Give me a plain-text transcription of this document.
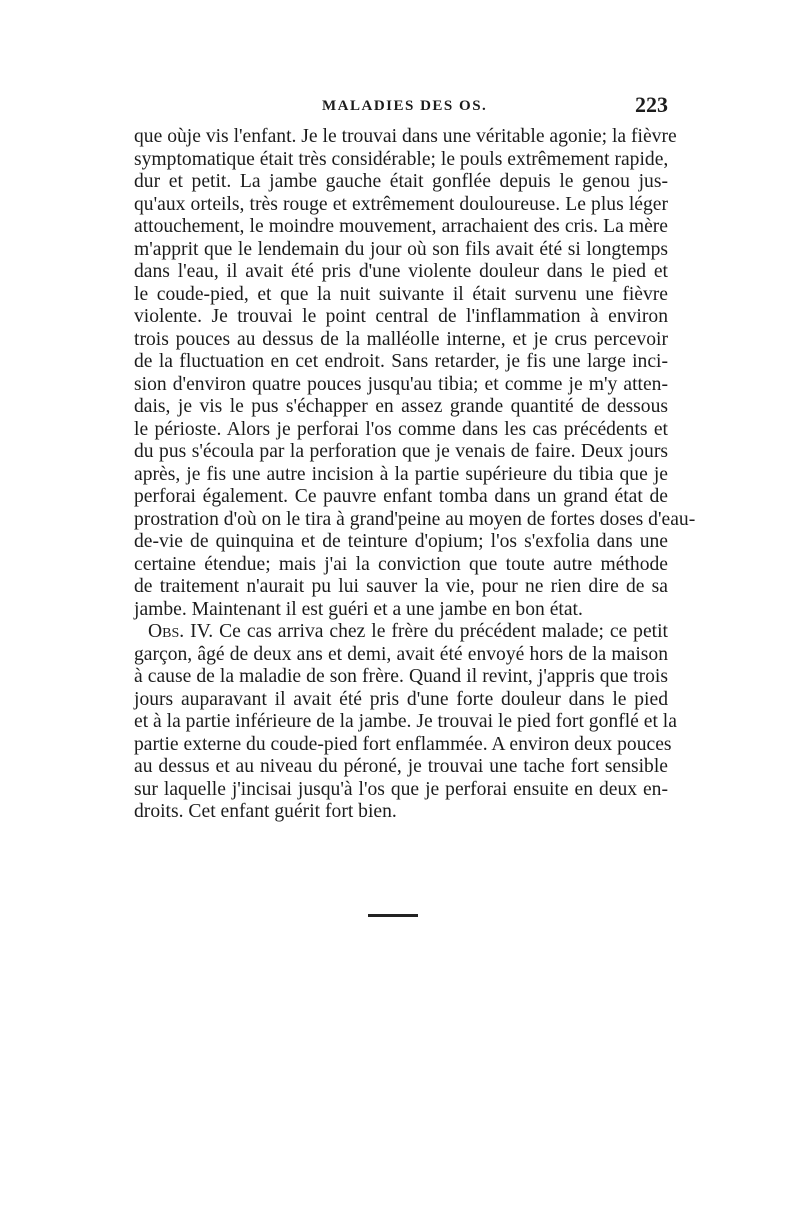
MALADIES DES OS.	223
que oùje vis l'enfant. Je le trouvai dans une véritable agonie; la fièvre
symptomatique était très considérable; le pouls extrêmement rapide,
dur et petit. La jambe gauche était gonflée depuis le genou jus-
qu'aux orteils, très rouge et extrêmement douloureuse. Le plus léger
attouchement, le moindre mouvement, arrachaient des cris. La mère
m'apprit que le lendemain du jour où son fils avait été si longtemps
dans l'eau, il avait été pris d'une violente douleur dans le pied et
le coude-pied, et que la nuit suivante il était survenu une fièvre
violente. Je trouvai le point central de l'inflammation à environ
trois pouces au dessus de la malléolle interne, et je crus percevoir
de la fluctuation en cet endroit. Sans retarder, je fis une large inci-
sion d'environ quatre pouces jusqu'au tibia; et comme je m'y atten-
dais, je vis le pus s'échapper en assez grande quantité de dessous
le périoste. Alors je perforai l'os comme dans les cas précédents et
du pus s'écoula par la perforation que je venais de faire. Deux jours
après, je fis une autre incision à la partie supérieure du tibia que je
perforai également. Ce pauvre enfant tomba dans un grand état de
prostration d'où on le tira à grand'peine au moyen de fortes doses d'eau-
de-vie de quinquina et de teinture d'opium; l'os s'exfolia dans une
certaine étendue; mais j'ai la conviction que toute autre méthode
de traitement n'aurait pu lui sauver la vie, pour ne rien dire de sa
jambe. Maintenant il est guéri et a une jambe en bon état.
Obs. IV. Ce cas arriva chez le frère du précédent malade; ce petit
garçon, âgé de deux ans et demi, avait été envoyé hors de la maison
à cause de la maladie de son frère. Quand il revint, j'appris que trois
jours auparavant il avait été pris d'une forte douleur dans le pied
et à la partie inférieure de la jambe. Je trouvai le pied fort gonflé et la
partie externe du coude-pied fort enflammée. A environ deux pouces
au dessus et au niveau du péroné, je trouvai une tache fort sensible
sur laquelle j'incisai jusqu'à l'os que je perforai ensuite en deux en-
droits. Cet enfant guérit fort bien.
